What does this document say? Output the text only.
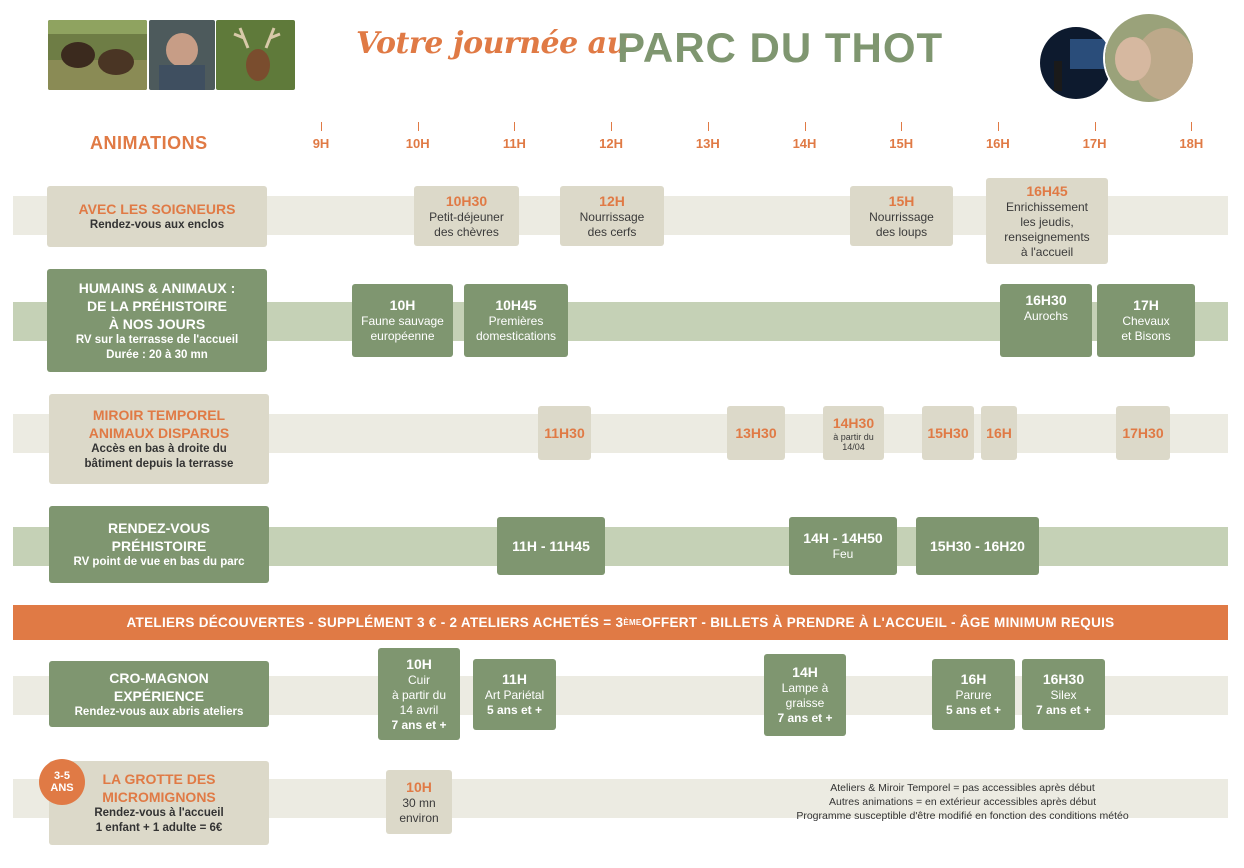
Votre journée au
PARC DU THOT
ANIMATIONS	9H	10H	11H	12H	13H	14H	15H	16H	17H	18H
AVEC LES SOIGNEURS
Rendez-vous aux enclos
10H30
Petit-déjeuner
des chèvres
12H
Nourrissage
des cerfs
15H
Nourrissage
des loups
16H45
Enrichissement
les jeudis,
renseignements
à l'accueil
HUMAINS & ANIMAUX :
DE LA PRÉHISTOIRE
À NOS JOURS
RV sur la terrasse de l'accueil
Durée : 20 à 30 mn
10H
Faune sauvage
européenne
10H45
Premières
domestications
16H30
Aurochs
17H
Chevaux
et Bisons
MIROIR TEMPOREL
ANIMAUX DISPARUS
Accès en bas à droite du
bâtiment depuis la terrasse
11H30	13H30
14H30
à partir du
14/04
15H30 16H	17H30
RENDEZ-VOUS
PRÉHISTOIRE
RV point de vue en bas du parc
11H - 11H45	14H - 14H50
Feu
15H30 - 16H20
ATELIERS DÉCOUVERTES - SUPPLÉMENT 3 € - 2 ATELIERS ACHETÉS = 3 ÈME OFFERT - BILLETS À PRENDRE À L'ACCUEIL - ÂGE MINIMUM REQUIS
CRO-MAGNON
EXPÉRIENCE
Rendez-vous aux abris ateliers
10H
Cuir
à partir du
14 avril
7 ans et +
11H
Art Pariétal
5 ans et +
14H
Lampe à
graisse
7 ans et +
16H
Parure
5 ans et +
16H30
Silex
7 ans et +
LA GROTTE DES
MICROMIGNONS
Rendez-vous à l'accueil
1 enfant + 1 adulte = 6€
3-5
ANS	10H
30 mn
environ
Ateliers & Miroir Temporel = pas accessibles après début
Autres animations = en extérieur accessibles après début
Programme susceptible d'être modifié en fonction des conditions météo
